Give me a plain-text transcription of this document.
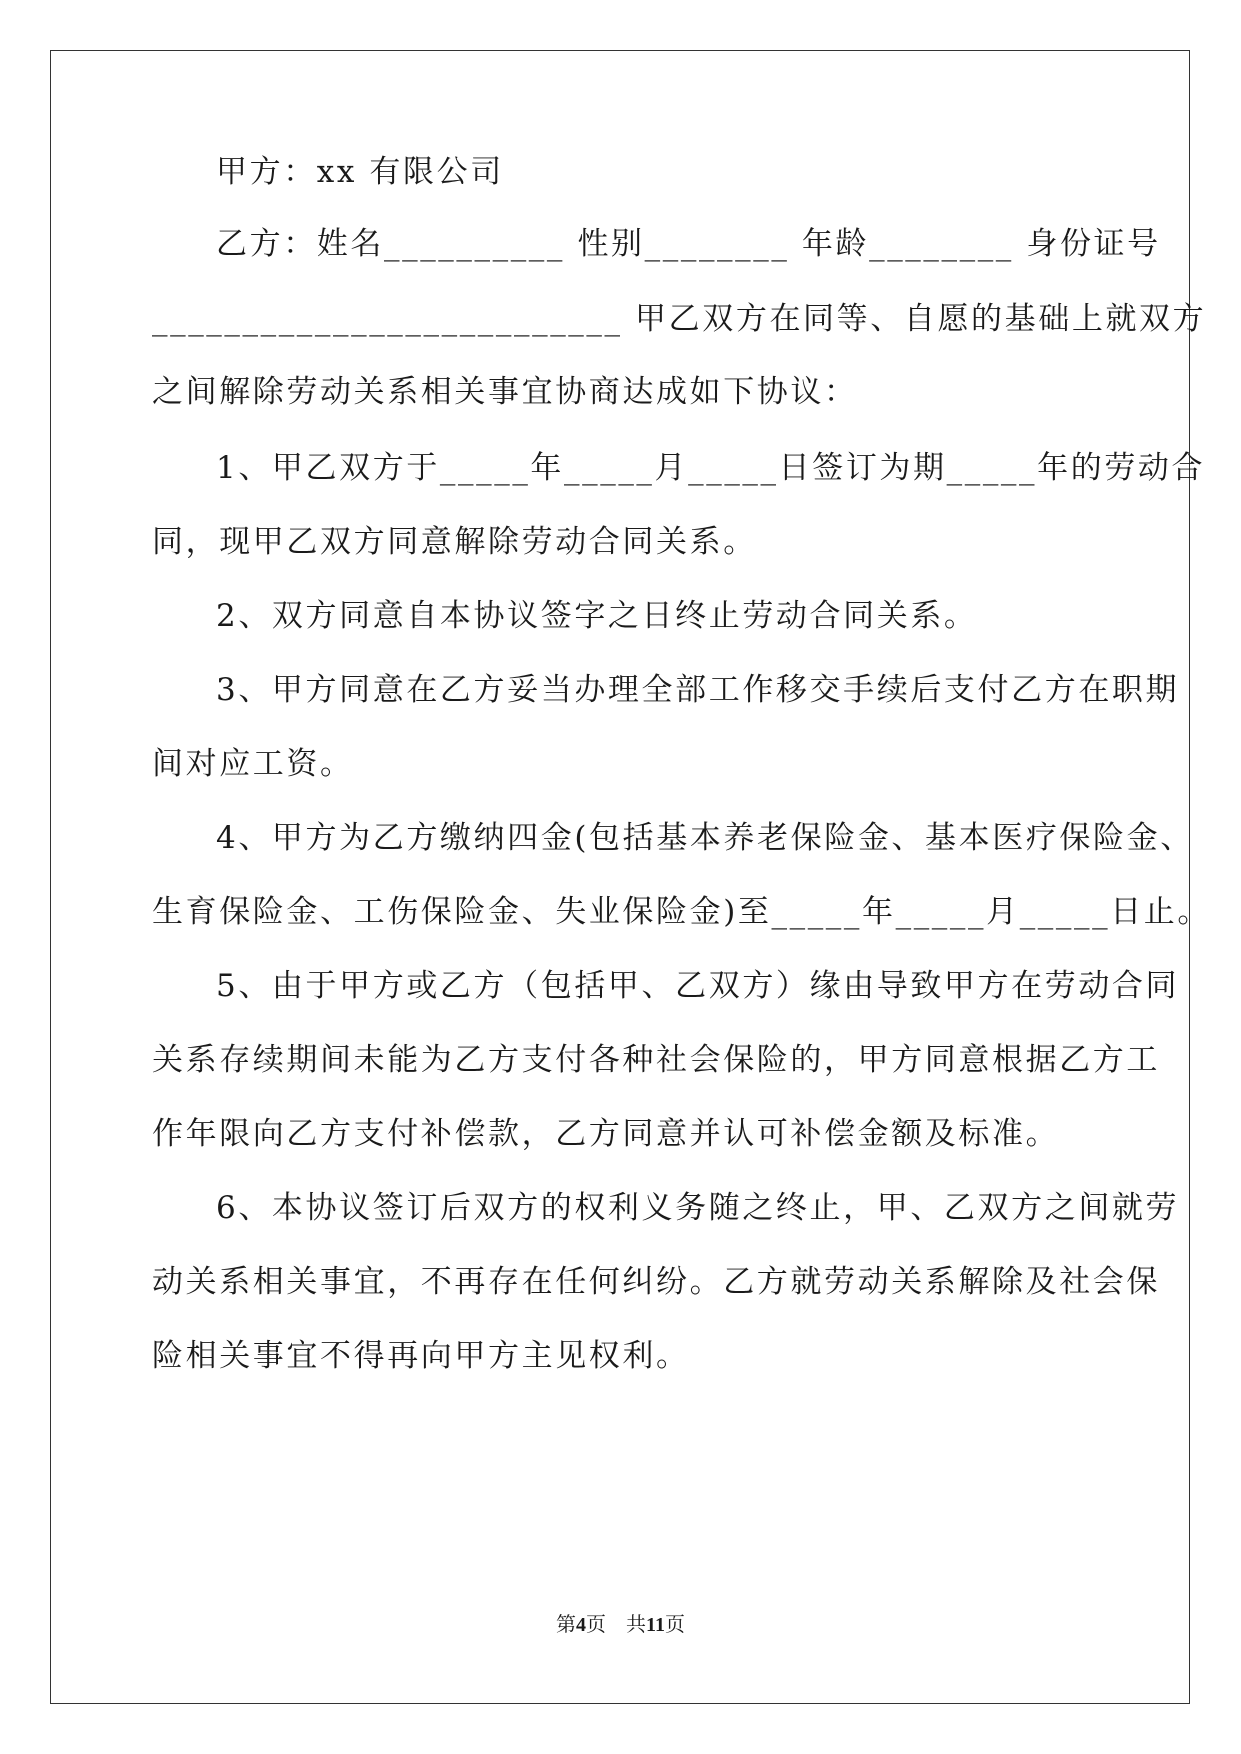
甲方：xx 有限公司
乙方：姓名__________ 性别________ 年龄________ 身份证号
__________________________ 甲乙双方在同等、自愿的基础上就双方
之间解除劳动关系相关事宜协商达成如下协议：
1、甲乙双方于_____年_____月_____日签订为期_____年的劳动合
同，现甲乙双方同意解除劳动合同关系。
2、双方同意自本协议签字之日终止劳动合同关系。
3、甲方同意在乙方妥当办理全部工作移交手续后支付乙方在职期
间对应工资。
4、甲方为乙方缴纳四金(包括基本养老保险金、基本医疗保险金、
生育保险金、工伤保险金、失业保险金)至_____年_____月_____日止。
5、由于甲方或乙方（包括甲、乙双方）缘由导致甲方在劳动合同
关系存续期间未能为乙方支付各种社会保险的，甲方同意根据乙方工
作年限向乙方支付补偿款，乙方同意并认可补偿金额及标准。
6、本协议签订后双方的权利义务随之终止，甲、乙双方之间就劳
动关系相关事宜，不再存在任何纠纷。乙方就劳动关系解除及社会保
险相关事宜不得再向甲方主见权利。
第4页 共11页
